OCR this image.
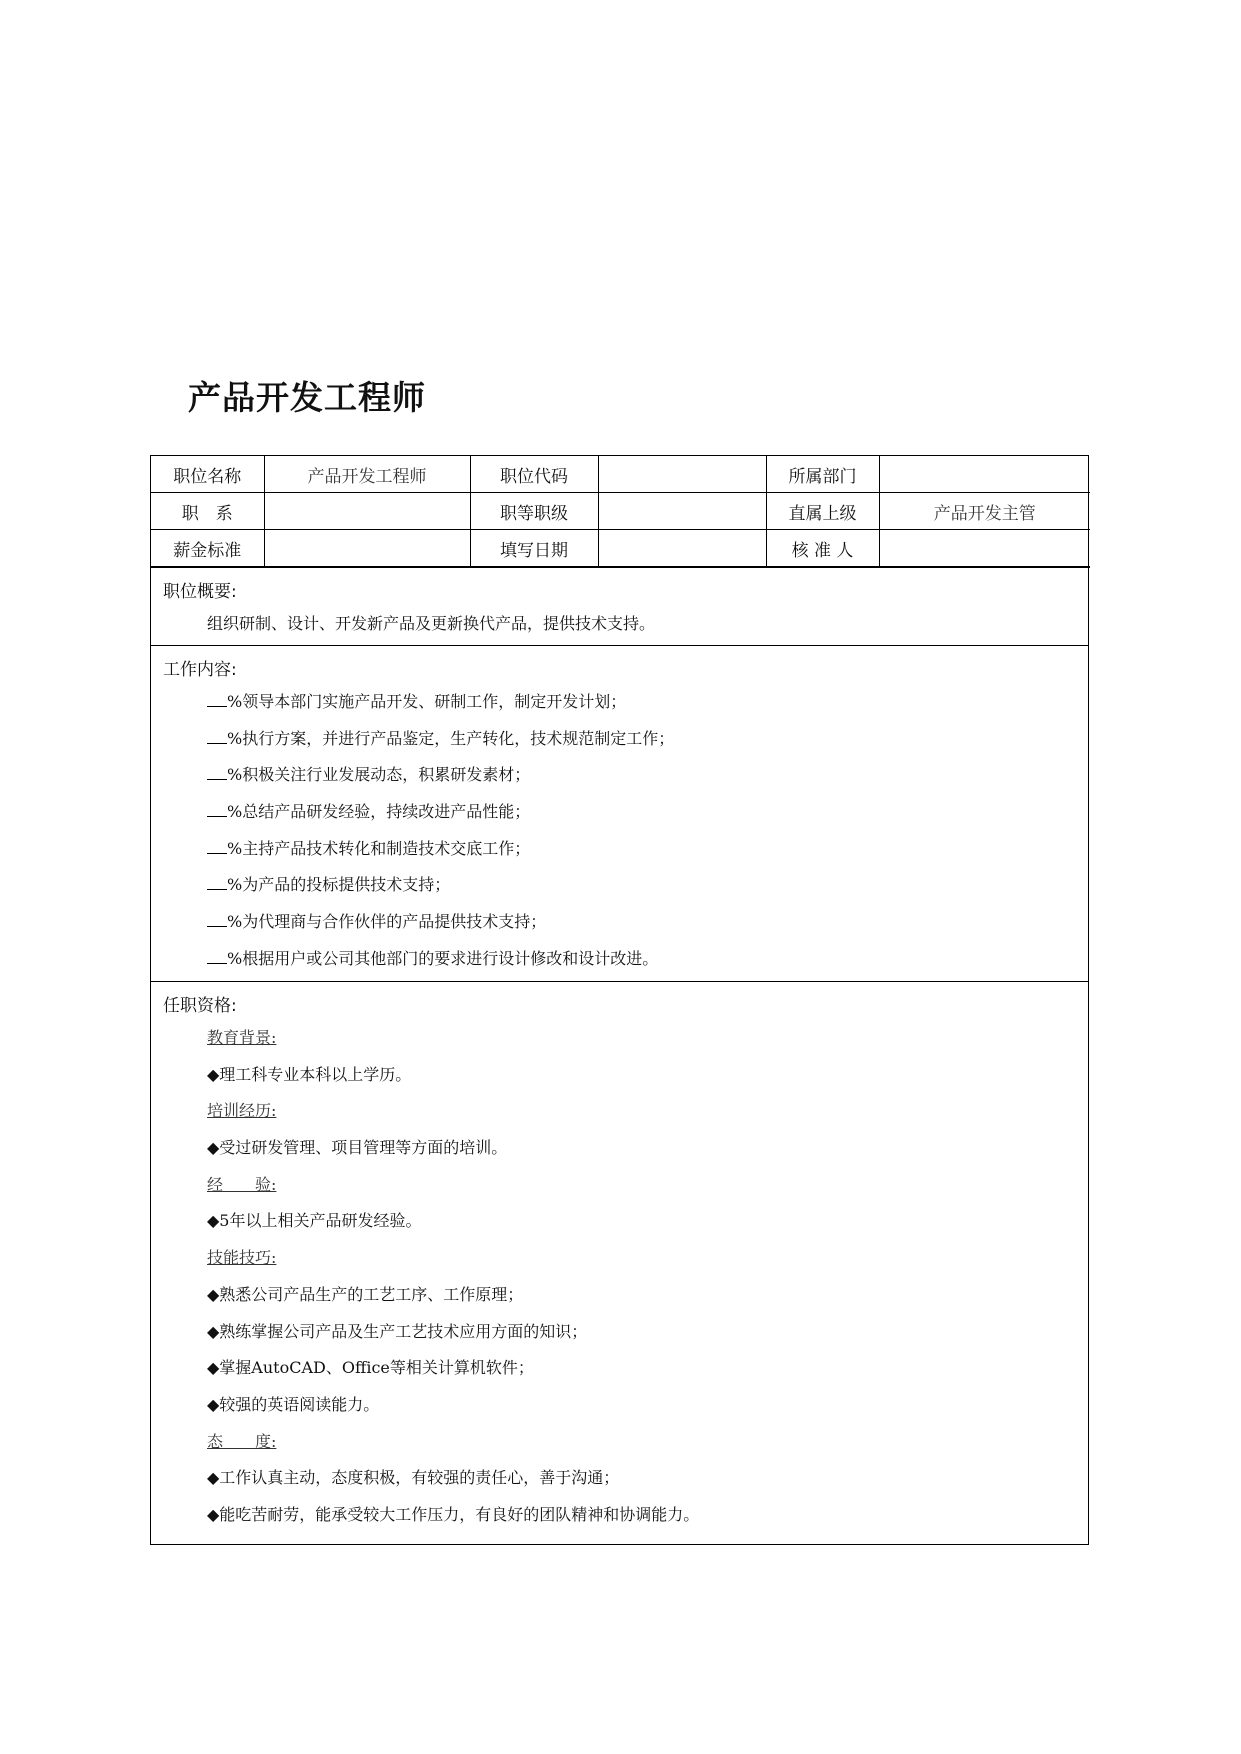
产品开发工程师
职位名称	产品开发工程师	职位代码		所属部门	
职　系		职等职级		直属上级	产品开发主管
薪金标准		填写日期		核 准 人	
职位概要:
组织研制、设计、开发新产品及更新换代产品，提供技术支持。
工作内容:
%领导本部门实施产品开发、研制工作，制定开发计划；
%执行方案，并进行产品鉴定，生产转化，技术规范制定工作；
%积极关注行业发展动态，积累研发素材；
%总结产品研发经验，持续改进产品性能；
%主持产品技术转化和制造技术交底工作；
%为产品的投标提供技术支持；
%为代理商与合作伙伴的产品提供技术支持；
%根据用户或公司其他部门的要求进行设计修改和设计改进。
任职资格:
教育背景:
◆理工科专业本科以上学历。
培训经历:
◆受过研发管理、项目管理等方面的培训。
经　　验:
◆5年以上相关产品研发经验。
技能技巧:
◆熟悉公司产品生产的工艺工序、工作原理；
◆熟练掌握公司产品及生产工艺技术应用方面的知识；
◆掌握AutoCAD、Office等相关计算机软件；
◆较强的英语阅读能力。
态　　度:
◆工作认真主动，态度积极，有较强的责任心，善于沟通；
◆能吃苦耐劳，能承受较大工作压力，有良好的团队精神和协调能力。
